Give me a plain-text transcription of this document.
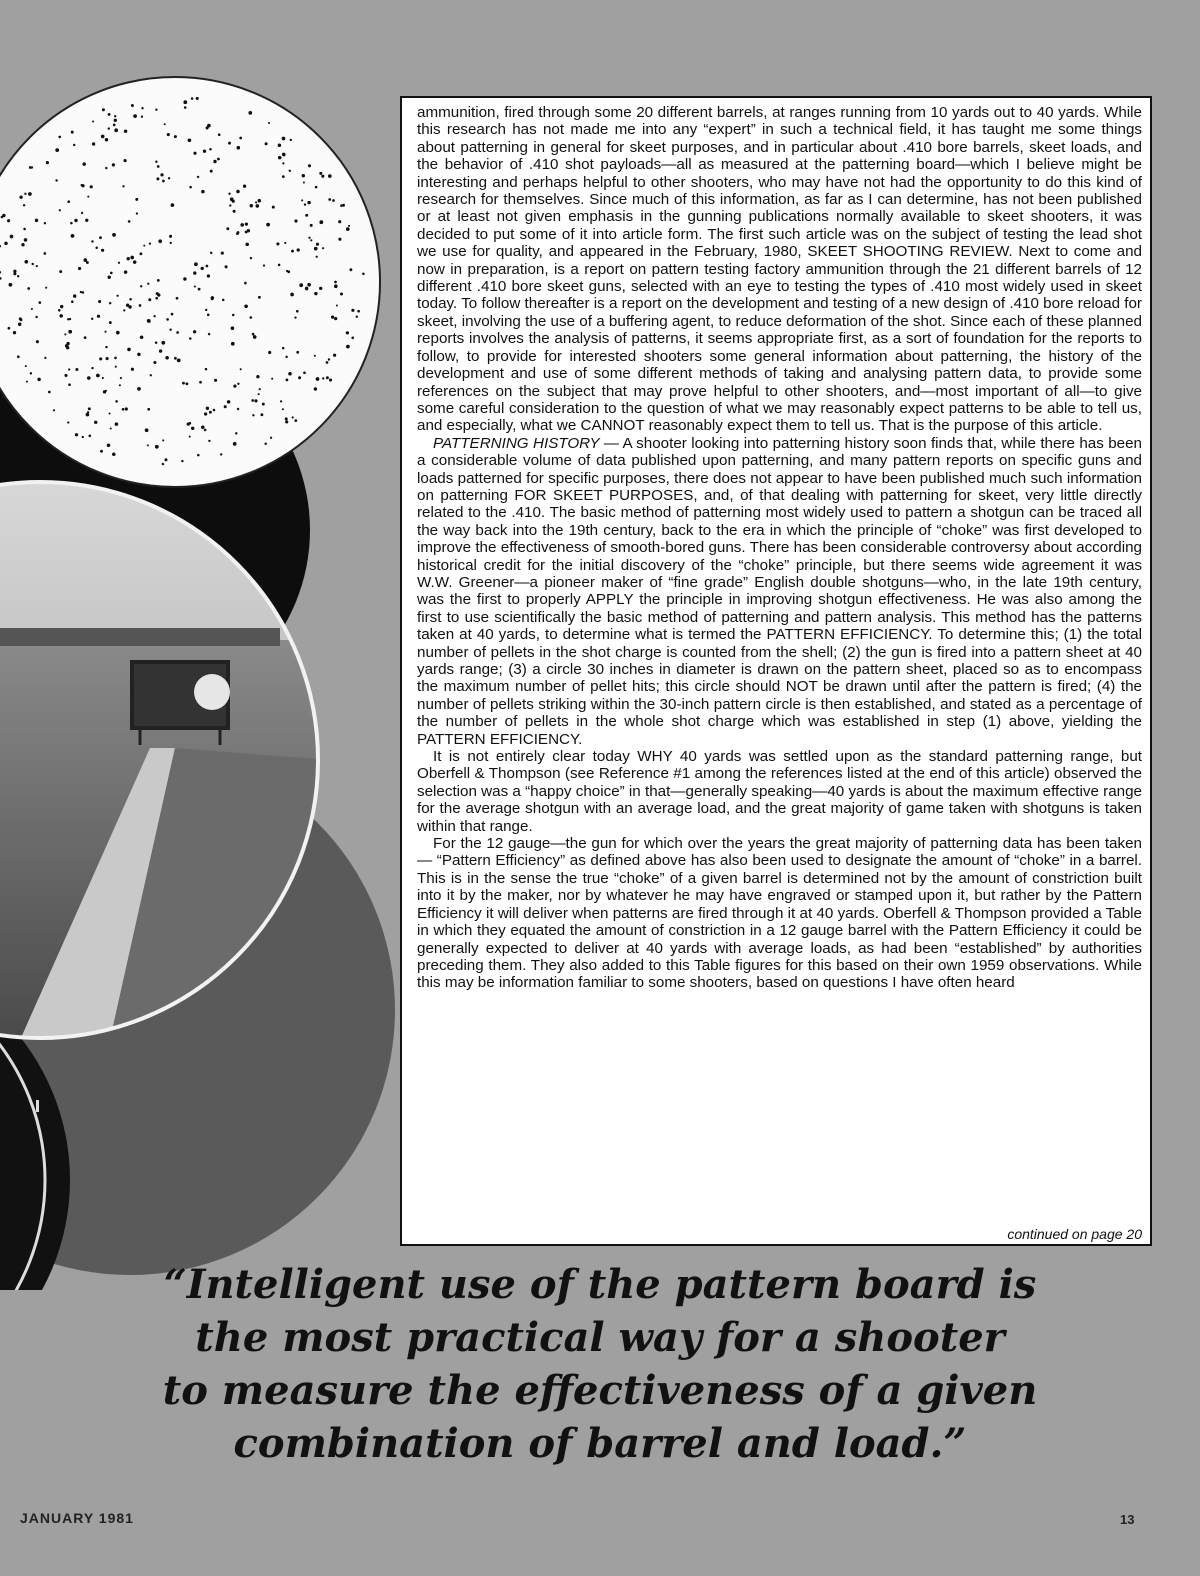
ammunition, fired through some 20 different barrels, at ranges running from 10 yards out to 40 yards. While this research has not made me into any “expert” in such a technical field, it has taught me some things about patterning in general for skeet purposes, and in particular about .410 bore barrels, skeet loads, and the behavior of .410 shot payloads—all as measured at the patterning board—which I believe might be interesting and perhaps helpful to other shooters, who may have not had the opportunity to do this kind of research for themselves. Since much of this information, as far as I can determine, has not been published or at least not given emphasis in the gunning publications normally available to skeet shooters, it was decided to put some of it into article form. The first such article was on the subject of testing the lead shot we use for quality, and appeared in the February, 1980, SKEET SHOOTING REVIEW. Next to come and now in preparation, is a report on pattern testing factory ammunition through the 21 different barrels of 12 different .410 bore skeet guns, selected with an eye to testing the types of .410 most widely used in skeet today. To follow thereafter is a report on the development and testing of a new design of .410 bore reload for skeet, involving the use of a buffering agent, to reduce deformation of the shot. Since each of these planned reports involves the analysis of patterns, it seems appropriate first, as a sort of foundation for the reports to follow, to provide for interested shooters some general information about patterning, the history of the development and use of some different methods of taking and analysing pattern data, to provide some references on the subject that may prove helpful to other shooters, and—most important of all—to give some careful consideration to the question of what we may reasonably expect patterns to be able to tell us, and especially, what we CANNOT reasonably expect them to tell us. That is the purpose of this article.

PATTERNING HISTORY — A shooter looking into patterning history soon finds that, while there has been a considerable volume of data published upon patterning, and many pattern reports on specific guns and loads patterned for specific purposes, there does not appear to have been published much such information on patterning FOR SKEET PURPOSES, and, of that dealing with patterning for skeet, very little directly related to the .410. The basic method of patterning most widely used to pattern a shotgun can be traced all the way back into the 19th century, back to the era in which the principle of “choke” was first developed to improve the effectiveness of smooth-bored guns. There has been considerable controversy about according historical credit for the initial discovery of the “choke” principle, but there seems wide agreement it was W.W. Greener—a pioneer maker of “fine grade” English double shotguns—who, in the late 19th century, was the first to properly APPLY the principle in improving shotgun effectiveness. He was also among the first to use scientifically the basic method of patterning and pattern analysis. This method has the patterns taken at 40 yards, to determine what is termed the PATTERN EFFICIENCY. To determine this; (1) the total number of pellets in the shot charge is counted from the shell; (2) the gun is fired into a pattern sheet at 40 yards range; (3) a circle 30 inches in diameter is drawn on the pattern sheet, placed so as to encompass the maximum number of pellet hits; this circle should NOT be drawn until after the pattern is fired; (4) the number of pellets striking within the 30-inch pattern circle is then established, and stated as a percentage of the number of pellets in the whole shot charge which was established in step (1) above, yielding the PATTERN EFFICIENCY.

It is not entirely clear today WHY 40 yards was settled upon as the standard patterning range, but Oberfell & Thompson (see Reference #1 among the references listed at the end of this article) observed the selection was a “happy choice” in that—generally speaking—40 yards is about the maximum effective range for the average shotgun with an average load, and the great majority of game taken with shotguns is taken within that range.

For the 12 gauge—the gun for which over the years the great majority of patterning data has been taken— “Pattern Efficiency” as defined above has also been used to designate the amount of “choke” in a barrel. This is in the sense the true “choke” of a given barrel is determined not by the amount of constriction built into it by the maker, nor by whatever he may have engraved or stamped upon it, but rather by the Pattern Efficiency it will deliver when patterns are fired through it at 40 yards. Oberfell & Thompson provided a Table in which they equated the amount of constriction in a 12 gauge barrel with the Pattern Efficiency it could be generally expected to deliver at 40 yards with average loads, as had been “established” by authorities preceding them. They also added to this Table figures for this based on their own 1959 observations. While this may be information familiar to some shooters, based on questions I have often heard

continued on page 20

“Intelligent use of the pattern board is
the most practical way for a shooter
to measure the effectiveness of a given
combination of barrel and load.”
JANUARY 1981	13
